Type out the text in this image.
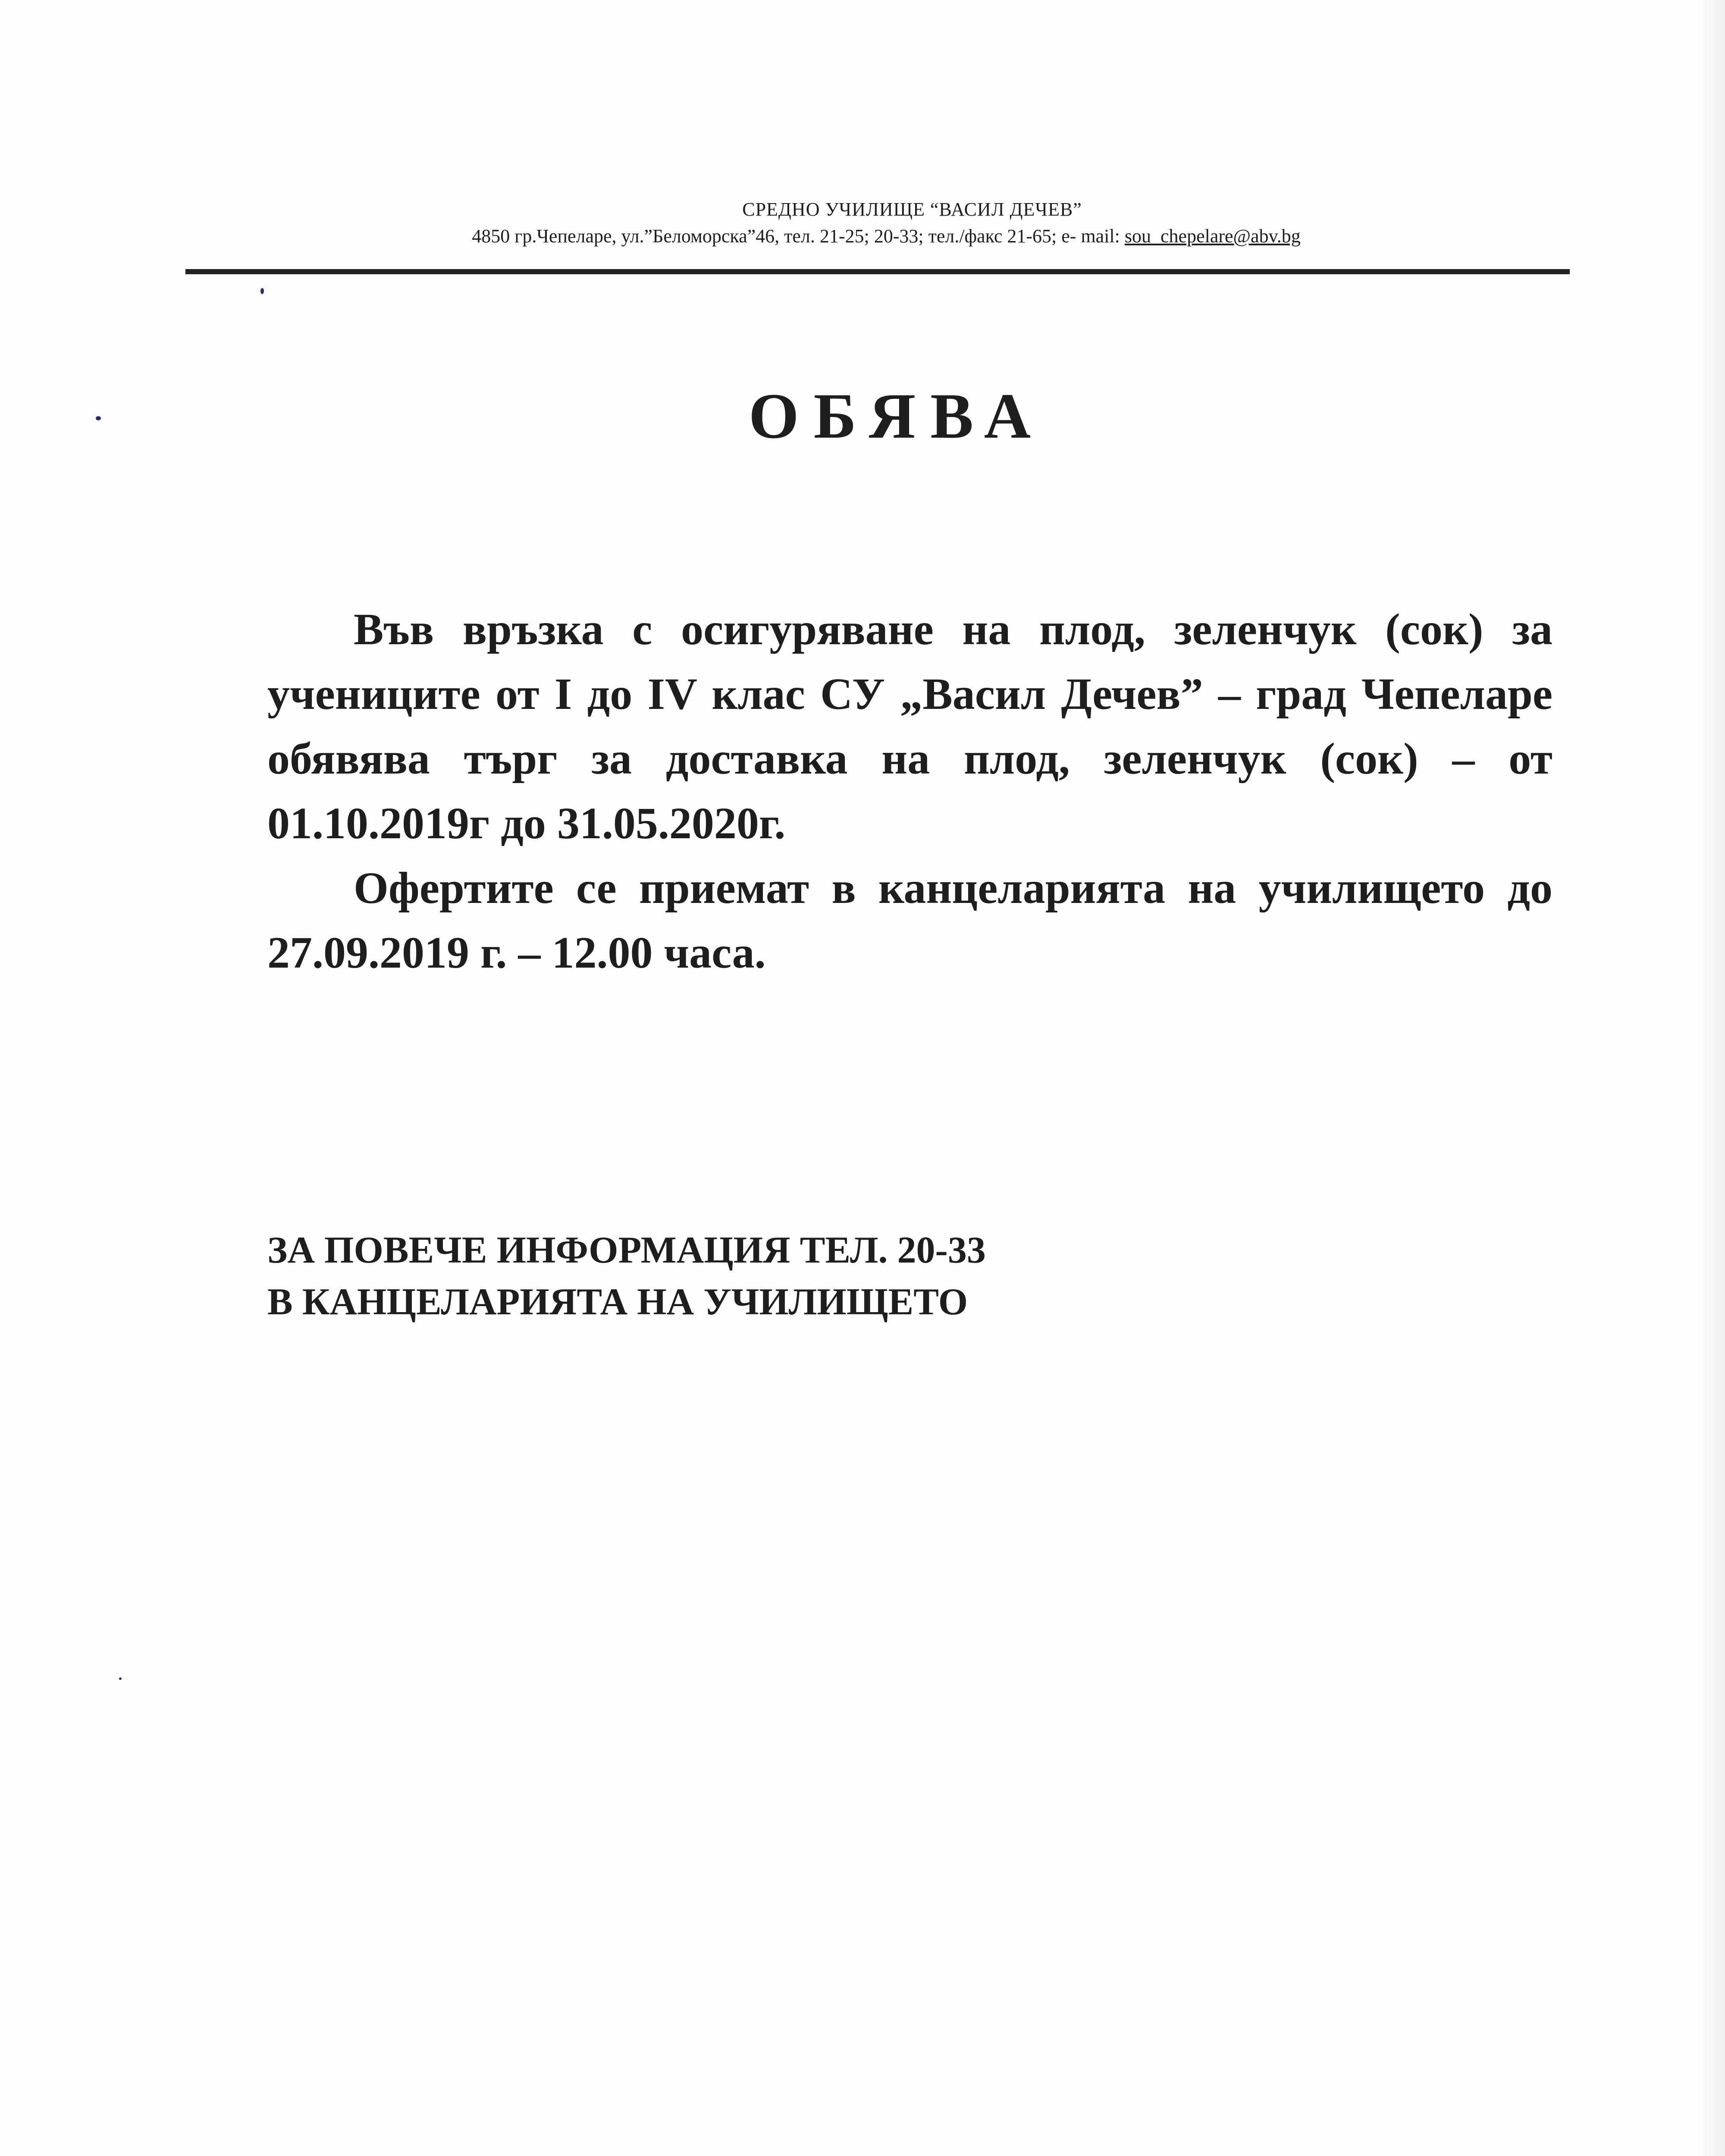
СРЕДНО УЧИЛИЩЕ “ВАСИЛ ДЕЧЕВ”
4850 гр.Чепеларе, ул.”Беломорска”46, тел. 21-25; 20-33; тел./факс 21-65; е- mail: sou_chepelare@abv.bg
ОБЯВА

Във връзка с осигуряване на плод, зеленчук (сок) за учениците от I до IV клас СУ „Васил Дечев” – град Чепеларе обявява търг за доставка на плод, зеленчук (сок) – от 01.10.2019г до 31.05.2020г.

Офертите се приемат в канцеларията на училището до 27.09.2019 г. – 12.00 часа.

ЗА ПОВЕЧЕ ИНФОРМАЦИЯ ТЕЛ. 20-33
В КАНЦЕЛАРИЯТА НА УЧИЛИЩЕТО
